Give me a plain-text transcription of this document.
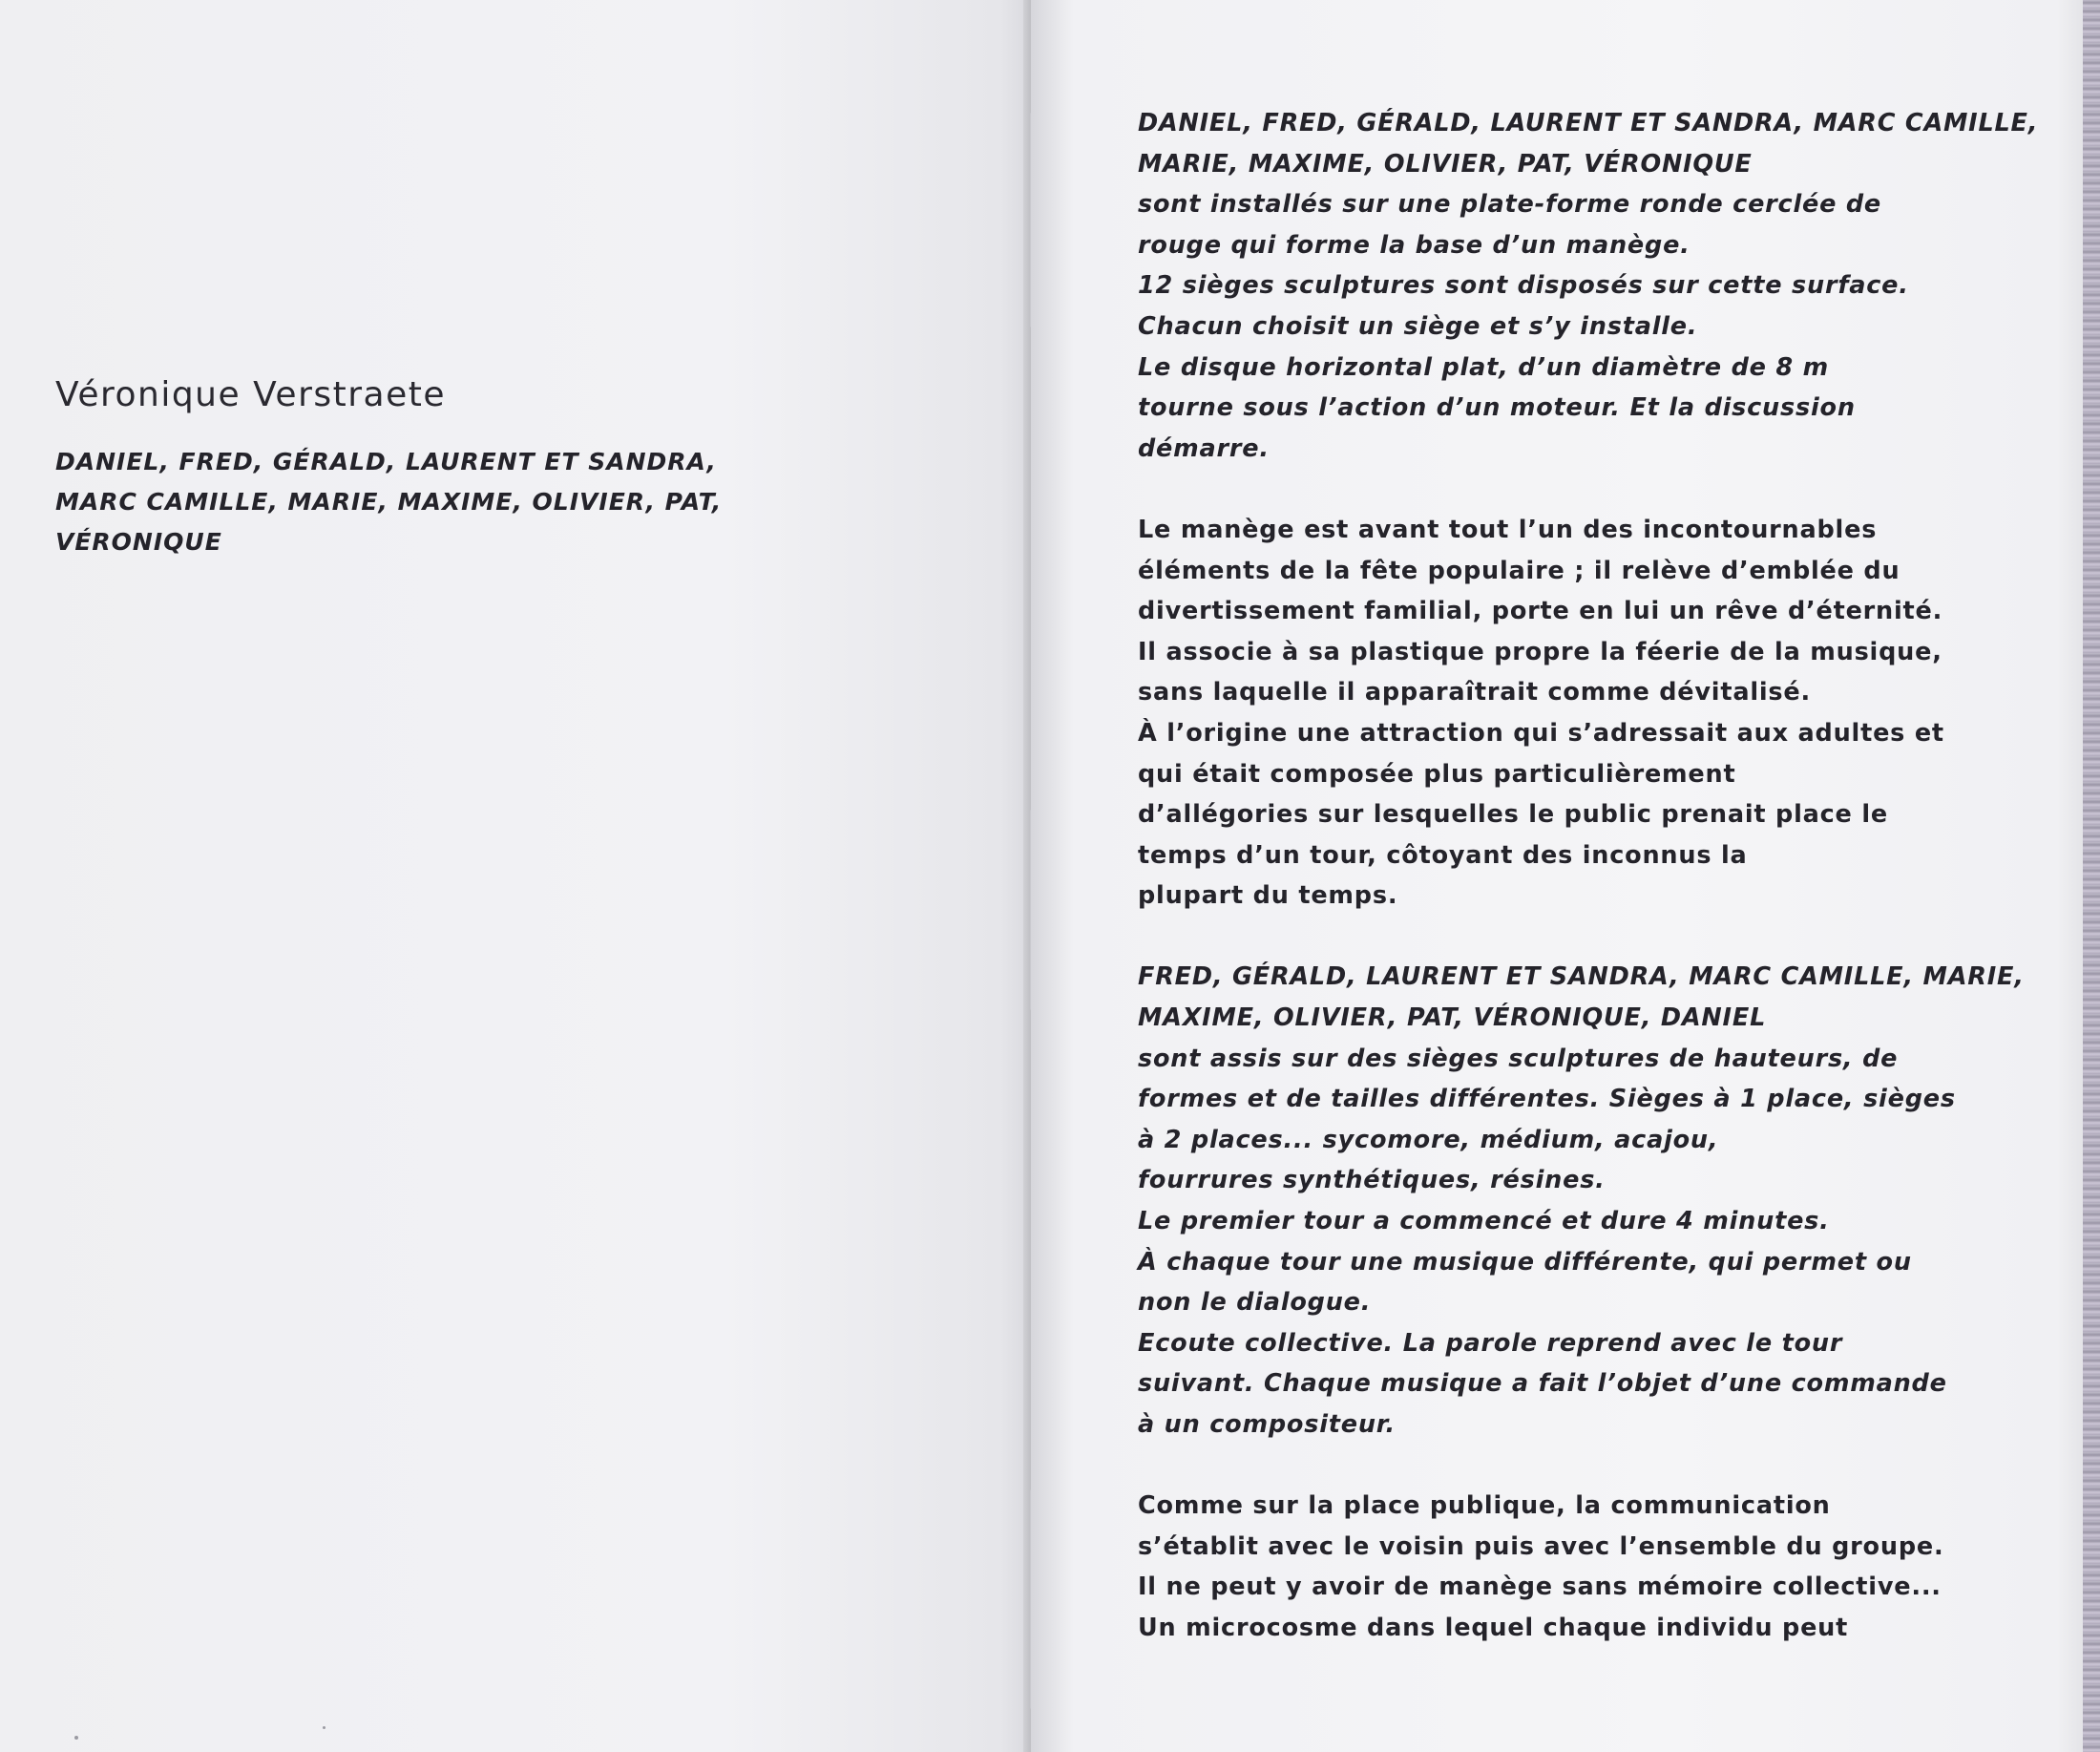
Véronique Verstraete
DANIEL, FRED, GÉRALD, LAURENT ET SANDRA,
MARC CAMILLE, MARIE, MAXIME, OLIVIER, PAT,
VÉRONIQUE
DANIEL, FRED, GÉRALD, LAURENT ET SANDRA, MARC CAMILLE,
MARIE, MAXIME, OLIVIER, PAT, VÉRONIQUE
sont installés sur une plate-forme ronde cerclée de
rouge qui forme la base d’un manège.
12 sièges sculptures sont disposés sur cette surface.
Chacun choisit un siège et s’y installe.
Le disque horizontal plat, d’un diamètre de 8 m
tourne sous l’action d’un moteur. Et la discussion
démarre.
Le manège est avant tout l’un des incontournables
éléments de la fête populaire ; il relève d’emblée du
divertissement familial, porte en lui un rêve d’éternité.
Il associe à sa plastique propre la féerie de la musique,
sans laquelle il apparaîtrait comme dévitalisé.
À l’origine une attraction qui s’adressait aux adultes et
qui était composée plus particulièrement
d’allégories sur lesquelles le public prenait place le
temps d’un tour, côtoyant des inconnus la
plupart du temps.
FRED, GÉRALD, LAURENT ET SANDRA, MARC CAMILLE, MARIE,
MAXIME, OLIVIER, PAT, VÉRONIQUE, DANIEL
sont assis sur des sièges sculptures de hauteurs, de
formes et de tailles différentes. Sièges à 1 place, sièges
à 2 places... sycomore, médium, acajou,
fourrures synthétiques, résines.
Le premier tour a commencé et dure 4 minutes.
À chaque tour une musique différente, qui permet ou
non le dialogue.
Ecoute collective. La parole reprend avec le tour
suivant. Chaque musique a fait l’objet d’une commande
à un compositeur.
Comme sur la place publique, la communication
s’établit avec le voisin puis avec l’ensemble du groupe.
Il ne peut y avoir de manège sans mémoire collective...
Un microcosme dans lequel chaque individu peut
